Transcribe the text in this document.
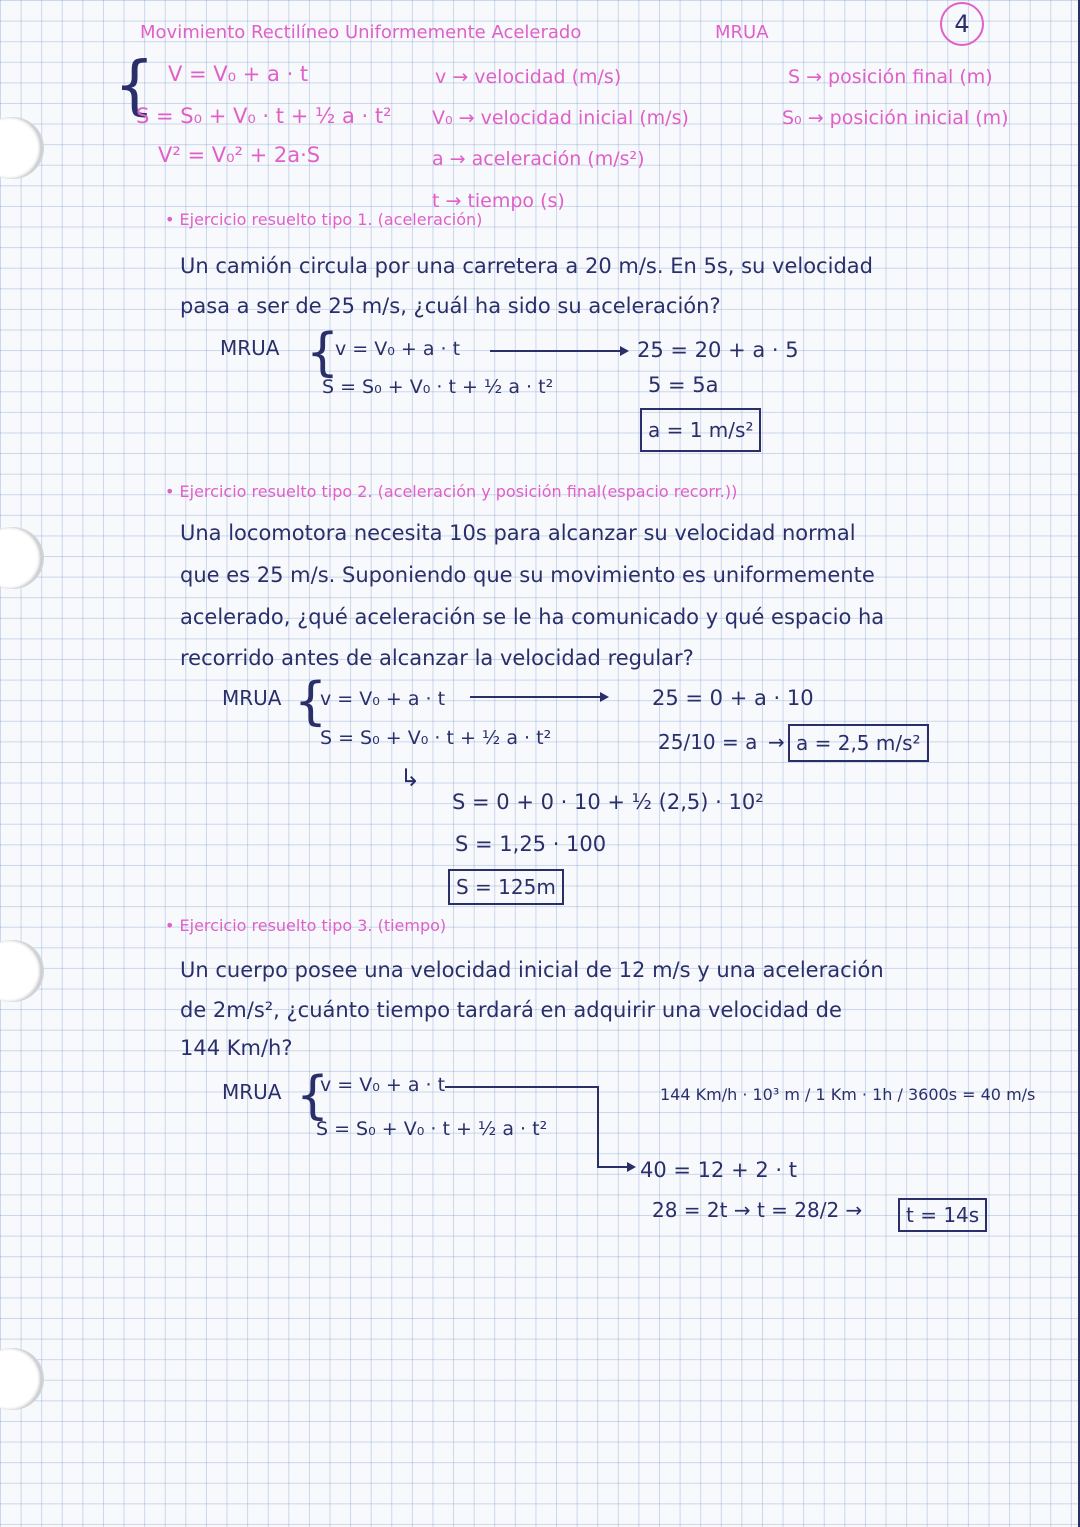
Movimiento Rectilíneo Uniformemente Acelerado	MRUA	4
{ V = V₀ + a · t
S = S₀ + V₀ · t + ½ a · t²
V² = V₀² + 2a·S
v → velocidad (m/s)
V₀ → velocidad inicial (m/s)
a → aceleración (m/s²)
t → tiempo (s)
S → posición final (m)
S₀ → posición inicial (m)
• Ejercicio resuelto tipo 1. (aceleración)
Un camión circula por una carretera a 20 m/s. En 5s, su velocidad
pasa a ser de 25 m/s, ¿cuál ha sido su aceleración?
MRUA {
v = V₀ + a · t
S = S₀ + V₀ · t + ½ a · t²
25 = 20 + a · 5
5 = 5a
a = 1 m/s²
• Ejercicio resuelto tipo 2. (aceleración y posición final(espacio recorr.))
Una locomotora necesita 10s para alcanzar su velocidad normal
que es 25 m/s. Suponiendo que su movimiento es uniformemente
acelerado, ¿qué aceleración se le ha comunicado y qué espacio ha
recorrido antes de alcanzar la velocidad regular?
MRUA {
v = V₀ + a · t
S = S₀ + V₀ · t + ½ a · t²
25 = 0 + a · 10
25/10 = a → a = 2,5 m/s²
↳
S = 0 + 0 · 10 + ½ (2,5) · 10²
S = 1,25 · 100
S = 125m
• Ejercicio resuelto tipo 3. (tiempo)
Un cuerpo posee una velocidad inicial de 12 m/s y una aceleración
de 2m/s², ¿cuánto tiempo tardará en adquirir una velocidad de
144 Km/h?
MRUA {
v = V₀ + a · t
S = S₀ + V₀ · t + ½ a · t²
144 Km/h · 10³ m / 1 Km · 1h / 3600s = 40 m/s
40 = 12 + 2 · t
28 = 2t → t = 28/2 →	t = 14s
